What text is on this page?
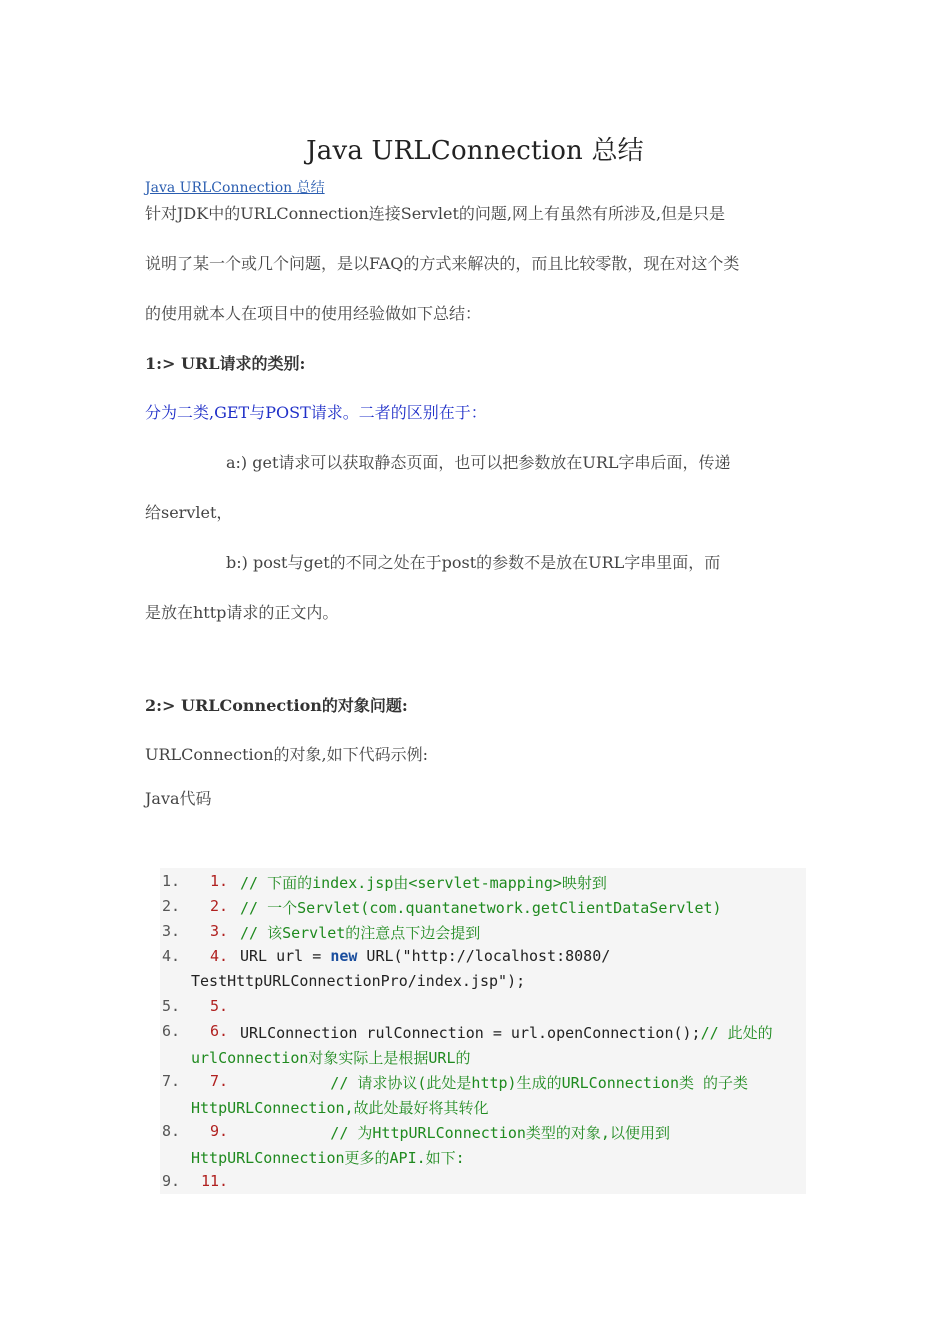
Java URLConnection 总结
Java URLConnection 总结
针对JDK中的URLConnection连接Servlet的问题,网上有虽然有所涉及,但是只是
说明了某一个或几个问题，是以FAQ的方式来解决的，而且比较零散，现在对这个类
的使用就本人在项目中的使用经验做如下总结：
1:> URL请求的类别:
分为二类,GET与POST请求。二者的区别在于：
a:) get请求可以获取静态页面，也可以把参数放在URL字串后面，传递
给servlet，
b:) post与get的不同之处在于post的参数不是放在URL字串里面，而
是放在http请求的正文内。
2:> URLConnection的对象问题:
URLConnection的对象,如下代码示例:
Java代码
1. 1. // 下面的index.jsp由<servlet-mapping>映射到
2. 2. // 一个Servlet(com.quantanetwork.getClientDataServlet)
3. 3. // 该Servlet的注意点下边会提到
4. 4. URL url = new URL("http://localhost:8080/
TestHttpURLConnectionPro/index.jsp");
5. 5.
6. 6. URLConnection rulConnection = url.openConnection();// 此处的
urlConnection对象实际上是根据URL的
7. 7. // 请求协议(此处是http)生成的URLConnection类 的子类
HttpURLConnection,故此处最好将其转化
8. 9. // 为HttpURLConnection类型的对象,以便用到
HttpURLConnection更多的API.如下:
9. 11.
